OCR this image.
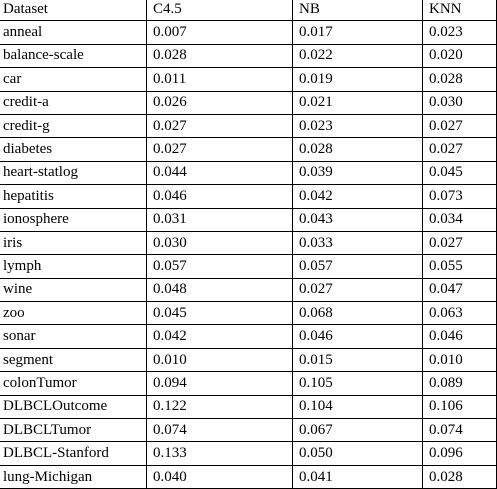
Dataset	C4.5	NB	KNN
anneal	0.007	0.017	0.023
balance-scale	0.028	0.022	0.020
car	0.011	0.019	0.028
credit-a	0.026	0.021	0.030
credit-g	0.027	0.023	0.027
diabetes	0.027	0.028	0.027
heart-statlog	0.044	0.039	0.045
hepatitis	0.046	0.042	0.073
ionosphere	0.031	0.043	0.034
iris	0.030	0.033	0.027
lymph	0.057	0.057	0.055
wine	0.048	0.027	0.047
zoo	0.045	0.068	0.063
sonar	0.042	0.046	0.046
segment	0.010	0.015	0.010
colonTumor	0.094	0.105	0.089
DLBCLOutcome	0.122	0.104	0.106
DLBCLTumor	0.074	0.067	0.074
DLBCL-Stanford	0.133	0.050	0.096
lung-Michigan	0.040	0.041	0.028
